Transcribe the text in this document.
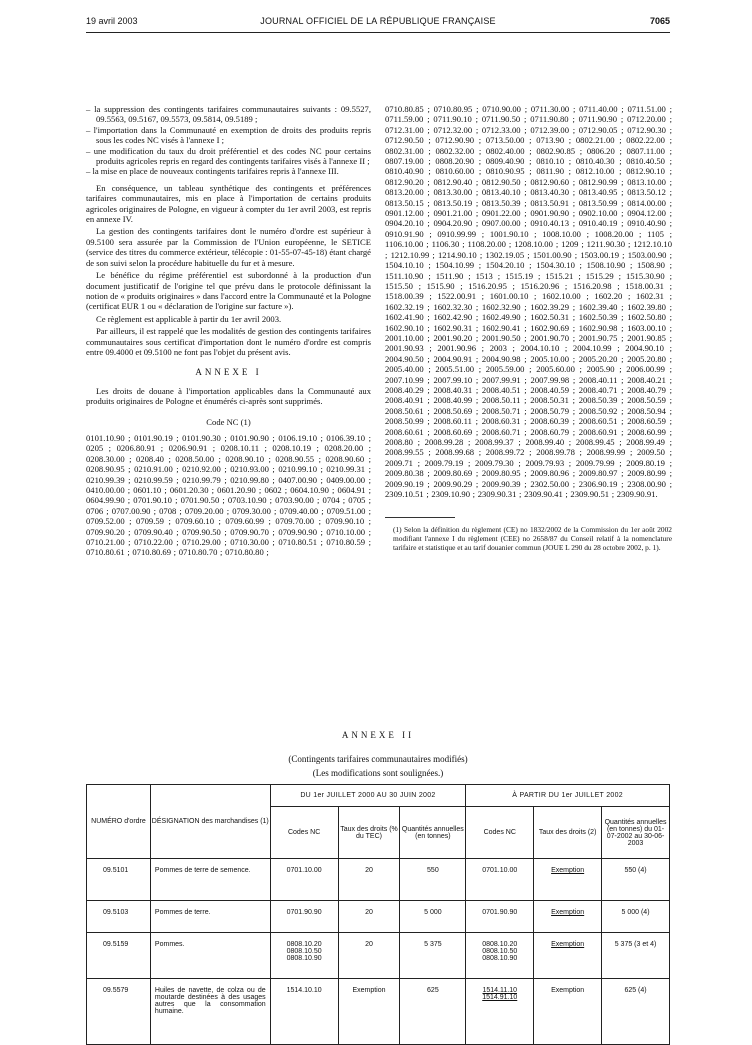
19 avril 2003	JOURNAL OFFICIEL DE LA RÉPUBLIQUE FRANÇAISE	7065
– la suppression des contingents tarifaires communautaires suivants : 09.5527, 09.5563, 09.5167, 09.5573, 09.5814, 09.5189 ;
– l'importation dans la Communauté en exemption de droits des produits repris sous les codes NC visés à l'annexe I ;
– une modification du taux du droit préférentiel et des codes NC pour certains produits agricoles repris en regard des contingents tarifaires visés à l'annexe II ;
– la mise en place de nouveaux contingents tarifaires repris à l'annexe III.

En conséquence, un tableau synthétique des contingents et préférences tarifaires communautaires, mis en place à l'importation de certains produits agricoles originaires de Pologne, en vigueur à compter du 1er avril 2003, est repris en annexe IV.

La gestion des contingents tarifaires dont le numéro d'ordre est supérieur à 09.5100 sera assurée par la Commission de l'Union européenne, le SETICE (service des titres du commerce extérieur, télécopie : 01-55-07-45-18) étant chargé de son suivi selon la procédure habituelle du fur et à mesure.

Le bénéfice du régime préférentiel est subordonné à la production d'un document justificatif de l'origine tel que prévu dans le protocole définissant la notion de « produits originaires » dans l'accord entre la Communauté et la Pologne (certificat EUR 1 ou « déclaration de l'origine sur facture »).

Ce règlement est applicable à partir du 1er avril 2003.

Par ailleurs, il est rappelé que les modalités de gestion des contingents tarifaires communautaires sous certificat d'importation dont le numéro d'ordre est compris entre 09.4000 et 09.5100 ne font pas l'objet du présent avis.

ANNEXE I

Les droits de douane à l'importation applicables dans la Communauté aux produits originaires de Pologne et énumérés ci-après sont supprimés.

Code NC (1)
0101.10.90 ; 0101.90.19 ; 0101.90.30 ; 0101.90.90 ; 0106.19.10 ; 0106.39.10 ; 0205 ; 0206.80.91 ; 0206.90.91 ; 0208.10.11 ; 0208.10.19 ; 0208.20.00 ; 0208.30.00 ; 0208.40 ; 0208.50.00 ; 0208.90.10 ; 0208.90.55 ; 0208.90.60 ; 0208.90.95 ; 0210.91.00 ; 0210.92.00 ; 0210.93.00 ; 0210.99.10 ; 0210.99.31 ; 0210.99.39 ; 0210.99.59 ; 0210.99.79 ; 0210.99.80 ; 0407.00.90 ; 0409.00.00 ; 0410.00.00 ; 0601.10 ; 0601.20.30 ; 0601.20.90 ; 0602 ; 0604.10.90 ; 0604.91 ; 0604.99.90 ; 0701.90.10 ; 0701.90.50 ; 0703.10.90 ; 0703.90.00 ; 0704 ; 0705 ; 0706 ; 0707.00.90 ; 0708 ; 0709.20.00 ; 0709.30.00 ; 0709.40.00 ; 0709.51.00 ; 0709.52.00 ; 0709.59 ; 0709.60.10 ; 0709.60.99 ; 0709.70.00 ; 0709.90.10 ; 0709.90.20 ; 0709.90.40 ; 0709.90.50 ; 0709.90.70 ; 0709.90.90 ; 0710.10.00 ; 0710.21.00 ; 0710.22.00 ; 0710.29.00 ; 0710.30.00 ; 0710.80.51 ; 0710.80.59 ; 0710.80.61 ; 0710.80.69 ; 0710.80.70 ; 0710.80.80 ;
0710.80.85 ; 0710.80.95 ; 0710.90.00 ; 0711.30.00 ; 0711.40.00 ; 0711.51.00 ; 0711.59.00 ; 0711.90.10 ; 0711.90.50 ; 0711.90.80 ; 0711.90.90 ; 0712.20.00 ; 0712.31.00 ; 0712.32.00 ; 0712.33.00 ; 0712.39.00 ; 0712.90.05 ; 0712.90.30 ; 0712.90.50 ; 0712.90.90 ; 0713.50.00 ; 0713.90 ; 0802.21.00 ; 0802.22.00 ; 0802.31.00 ; 0802.32.00 ; 0802.40.00 ; 0802.90.85 ; 0806.20 ; 0807.11.00 ; 0807.19.00 ; 0808.20.90 ; 0809.40.90 ; 0810.10 ; 0810.40.30 ; 0810.40.50 ; 0810.40.90 ; 0810.60.00 ; 0810.90.95 ; 0811.90 ; 0812.10.00 ; 0812.90.10 ; 0812.90.20 ; 0812.90.40 ; 0812.90.50 ; 0812.90.60 ; 0812.90.99 ; 0813.10.00 ; 0813.20.00 ; 0813.30.00 ; 0813.40.10 ; 0813.40.30 ; 0813.40.95 ; 0813.50.12 ; 0813.50.15 ; 0813.50.19 ; 0813.50.39 ; 0813.50.91 ; 0813.50.99 ; 0814.00.00 ; 0901.12.00 ; 0901.21.00 ; 0901.22.00 ; 0901.90.90 ; 0902.10.00 ; 0904.12.00 ; 0904.20.10 ; 0904.20.90 ; 0907.00.00 ; 0910.40.13 ; 0910.40.19 ; 0910.40.90 ; 0910.91.90 ; 0910.99.99 ; 1001.90.10 ; 1008.10.00 ; 1008.20.00 ; 1105 ; 1106.10.00 ; 1106.30 ; 1108.20.00 ; 1208.10.00 ; 1209 ; 1211.90.30 ; 1212.10.10 ; 1212.10.99 ; 1214.90.10 ; 1302.19.05 ; 1501.00.90 ; 1503.00.19 ; 1503.00.90 ; 1504.10.10 ; 1504.10.99 ; 1504.20.10 ; 1504.30.10 ; 1508.10.90 ; 1508.90 ; 1511.10.90 ; 1511.90 ; 1513 ; 1515.19 ; 1515.21 ; 1515.29 ; 1515.30.90 ; 1515.50 ; 1515.90 ; 1516.20.95 ; 1516.20.96 ; 1516.20.98 ; 1518.00.31 ; 1518.00.39 ; 1522.00.91 ; 1601.00.10 ; 1602.10.00 ; 1602.20 ; 1602.31 ; 1602.32.19 ; 1602.32.30 ; 1602.32.90 ; 1602.39.29 ; 1602.39.40 ; 1602.39.80 ; 1602.41.90 ; 1602.42.90 ; 1602.49.90 ; 1602.50.31 ; 1602.50.39 ; 1602.50.80 ; 1602.90.10 ; 1602.90.31 ; 1602.90.41 ; 1602.90.69 ; 1602.90.98 ; 1603.00.10 ; 2001.10.00 ; 2001.90.20 ; 2001.90.50 ; 2001.90.70 ; 2001.90.75 ; 2001.90.85 ; 2001.90.93 ; 2001.90.96 ; 2003 ; 2004.10.10 ; 2004.10.99 ; 2004.90.10 ; 2004.90.50 ; 2004.90.91 ; 2004.90.98 ; 2005.10.00 ; 2005.20.20 ; 2005.20.80 ; 2005.40.00 ; 2005.51.00 ; 2005.59.00 ; 2005.60.00 ; 2005.90 ; 2006.00.99 ; 2007.10.99 ; 2007.99.10 ; 2007.99.91 ; 2007.99.98 ; 2008.40.11 ; 2008.40.21 ; 2008.40.29 ; 2008.40.31 ; 2008.40.51 ; 2008.40.59 ; 2008.40.71 ; 2008.40.79 ; 2008.40.91 ; 2008.40.99 ; 2008.50.11 ; 2008.50.31 ; 2008.50.39 ; 2008.50.59 ; 2008.50.61 ; 2008.50.69 ; 2008.50.71 ; 2008.50.79 ; 2008.50.92 ; 2008.50.94 ; 2008.50.99 ; 2008.60.11 ; 2008.60.31 ; 2008.60.39 ; 2008.60.51 ; 2008.60.59 ; 2008.60.61 ; 2008.60.69 ; 2008.60.71 ; 2008.60.79 ; 2008.60.91 ; 2008.60.99 ; 2008.80 ; 2008.99.28 ; 2008.99.37 ; 2008.99.40 ; 2008.99.45 ; 2008.99.49 ; 2008.99.55 ; 2008.99.68 ; 2008.99.72 ; 2008.99.78 ; 2008.99.99 ; 2009.50 ; 2009.71 ; 2009.79.19 ; 2009.79.30 ; 2009.79.93 ; 2009.79.99 ; 2009.80.19 ; 2009.80.38 ; 2009.80.69 ; 2009.80.95 ; 2009.80.96 ; 2009.80.97 ; 2009.80.99 ; 2009.90.19 ; 2009.90.29 ; 2009.90.39 ; 2302.50.00 ; 2306.90.19 ; 2308.00.90 ; 2309.10.51 ; 2309.10.90 ; 2309.90.31 ; 2309.90.41 ; 2309.90.51 ; 2309.90.91.
(1) Selon la définition du règlement (CE) no 1832/2002 de la Commission du 1er août 2002 modifiant l'annexe I du règlement (CEE) no 2658/87 du Conseil relatif à la nomenclature tarifaire et statistique et au tarif douanier commun (JOUE L 290 du 28 octobre 2002, p. 1).
ANNEXE II
(Contingents tarifaires communautaires modifiés)
(Les modifications sont soulignées.)
NUMÉRO d'ordre	DÉSIGNATION des marchandises (1)	DU 1er JUILLET 2000 AU 30 JUIN 2002			À PARTIR DU 1er JUILLET 2002		
		Codes NC	Taux des droits (% du TEC)	Quantités annuelles (en tonnes)	Codes NC	Taux des droits (2)	Quantités annuelles (en tonnes) du 01-07-2002 au 30-06-2003
09.5101	Pommes de terre de semence.	0701.10.00	20	550	0701.10.00	Exemption	550 (4)
09.5103	Pommes de terre.	0701.90.90	20	5 000	0701.90.90	Exemption	5 000 (4)
09.5159	Pommes.	0808.10.20
0808.10.50
0808.10.90	20	5 375	0808.10.20
0808.10.50
0808.10.90	Exemption	5 375 (3 et 4)
09.5579	Huiles de navette, de colza ou de moutarde destinées à des usages autres que la consommation humaine.	1514.10.10	Exemption	625	1514.11.10
1514.91.10	Exemption	625 (4)
